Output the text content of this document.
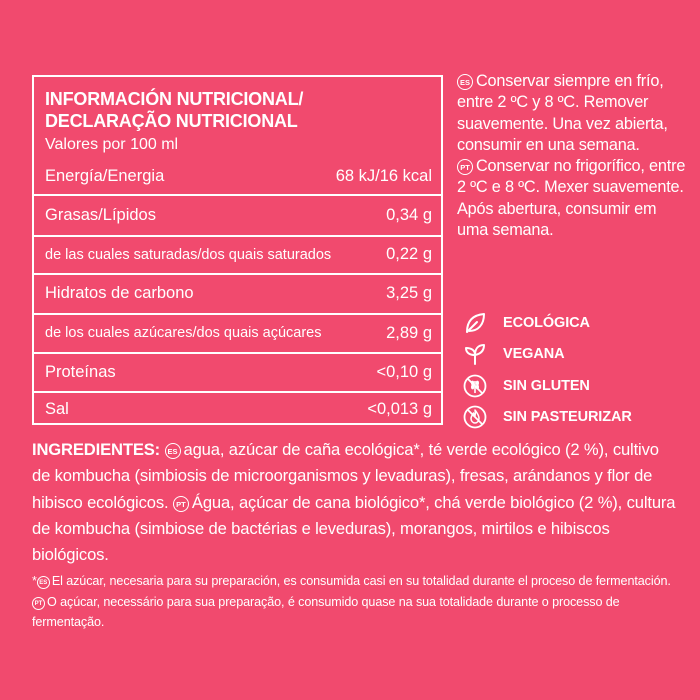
INFORMACIÓN NUTRICIONAL/
DECLARAÇÃO NUTRICIONAL
Valores por 100 ml
Energía/Energia	68 kJ/16 kcal
Grasas/Lípidos	0,34 g
de las cuales saturadas/dos quais saturados	0,22 g
Hidratos de carbono	3,25 g
de los cuales azúcares/dos quais açúcares	2,89 g
Proteínas	<0,10 g
Sal	<0,013 g
ES Conservar siempre en frío, entre 2 ºC y 8 ºC. Remover suavemente. Una vez abierta, consumir en una semana.
PT Conservar no frigorífico, entre 2 ºC e 8 ºC. Mexer suavemente. Após abertura, consumir em uma semana.
ECOLÓGICA
VEGANA
SIN GLUTEN
SIN PASTEURIZAR
INGREDIENTES: ES agua, azúcar de caña ecológica*, té verde ecológico (2 %), cultivo de kombucha (simbiosis de microorganismos y levaduras), fresas, arándanos y flor de hibisco ecológicos. PT Água, açúcar de cana biológico*, chá verde biológico (2 %), cultura de kombucha (simbiose de bactérias e leveduras), morangos, mirtilos e hibiscos biológicos.
* ES El azúcar, necesaria para su preparación, es consumida casi en su totalidad durante el proceso de fermentación. PT O açúcar, necessário para sua preparação, é consumido quase na sua totalidade durante o processo de fermentação.
